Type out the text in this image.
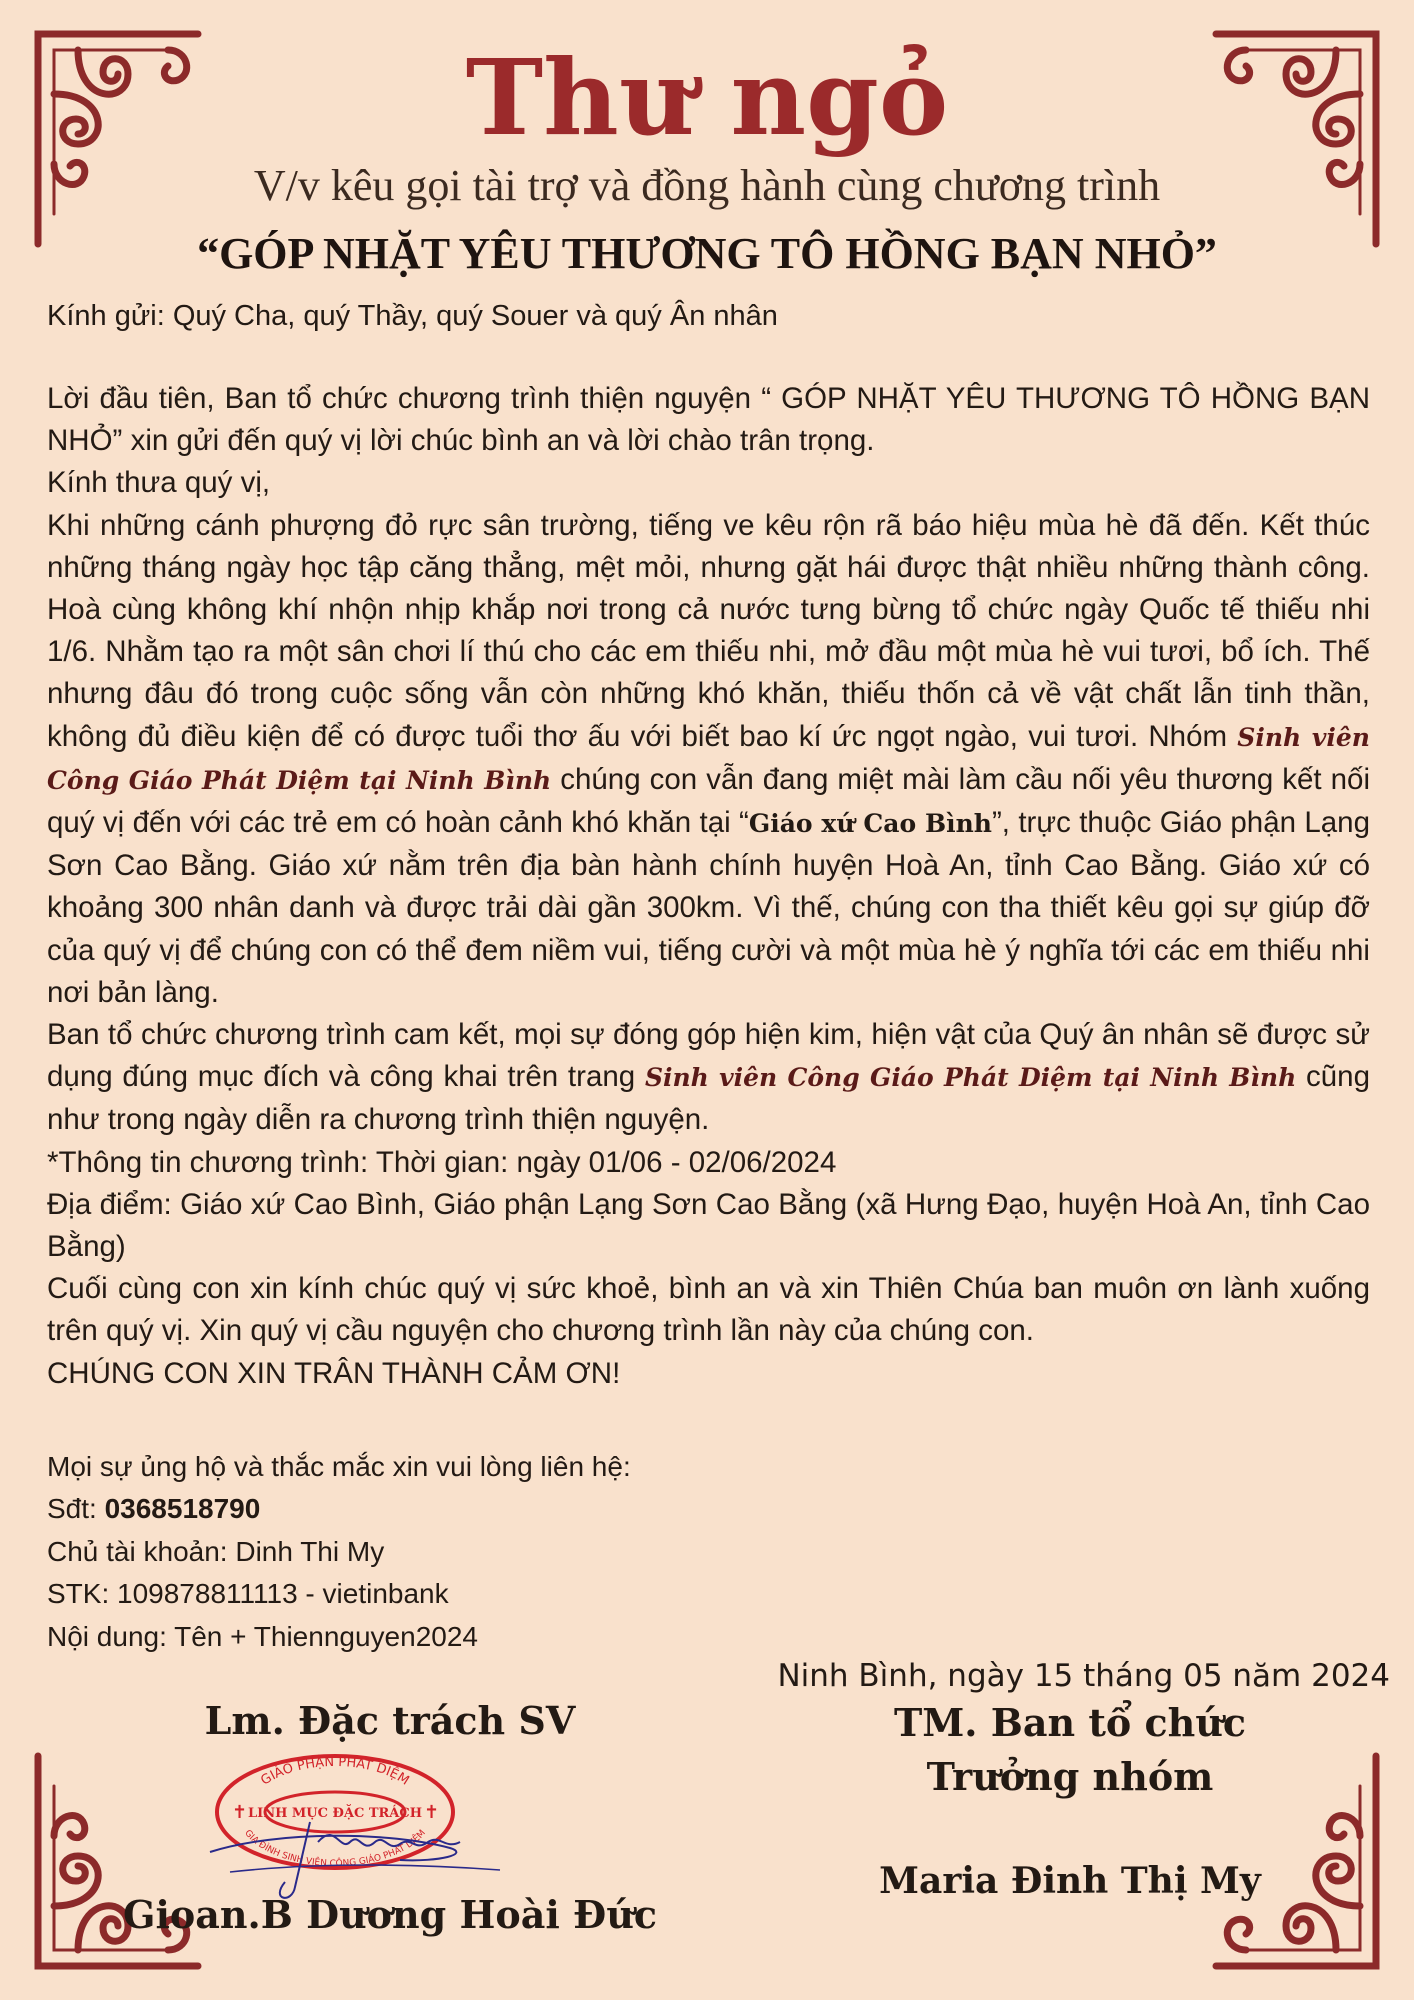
Thư ngỏ
V/v kêu gọi tài trợ và đồng hành cùng chương trình
“GÓP NHẶT YÊU THƯƠNG TÔ HỒNG BẠN NHỎ”
Kính gửi: Quý Cha, quý Thầy, quý Souer và quý Ân nhân

Lời đầu tiên, Ban tổ chức chương trình thiện nguyện “ GÓP NHẶT YÊU THƯƠNG TÔ HỒNG BẠN NHỎ” xin gửi đến quý vị lời chúc bình an và lời chào trân trọng.

Kính thưa quý vị,

Khi những cánh phượng đỏ rực sân trường, tiếng ve kêu rộn rã báo hiệu mùa hè đã đến. Kết thúc những tháng ngày học tập căng thẳng, mệt mỏi, nhưng gặt hái được thật nhiều những thành công. Hoà cùng không khí nhộn nhịp khắp nơi trong cả nước tưng bừng tổ chức ngày Quốc tế thiếu nhi 1/6. Nhằm tạo ra một sân chơi lí thú cho các em thiếu nhi, mở đầu một mùa hè vui tươi, bổ ích. Thế nhưng đâu đó trong cuộc sống vẫn còn những khó khăn, thiếu thốn cả về vật chất lẫn tinh thần, không đủ điều kiện để có được tuổi thơ ấu với biết bao kí ức ngọt ngào, vui tươi. Nhóm Sinh viên Công Giáo Phát Diệm tại Ninh Bình chúng con vẫn đang miệt mài làm cầu nối yêu thương kết nối quý vị đến với các trẻ em có hoàn cảnh khó khăn tại “Giáo xứ Cao Bình”, trực thuộc Giáo phận Lạng Sơn Cao Bằng. Giáo xứ nằm trên địa bàn hành chính huyện Hoà An, tỉnh Cao Bằng. Giáo xứ có khoảng 300 nhân danh và được trải dài gần 300km. Vì thế, chúng con tha thiết kêu gọi sự giúp đỡ của quý vị để chúng con có thể đem niềm vui, tiếng cười và một mùa hè ý nghĩa tới các em thiếu nhi nơi bản làng.

Ban tổ chức chương trình cam kết, mọi sự đóng góp hiện kim, hiện vật của Quý ân nhân sẽ được sử dụng đúng mục đích và công khai trên trang Sinh viên Công Giáo Phát Diệm tại Ninh Bình cũng như trong ngày diễn ra chương trình thiện nguyện.

*Thông tin chương trình: Thời gian: ngày 01/06 - 02/06/2024

Địa điểm: Giáo xứ Cao Bình, Giáo phận Lạng Sơn Cao Bằng (xã Hưng Đạo, huyện Hoà An, tỉnh Cao Bằng)

Cuối cùng con xin kính chúc quý vị sức khoẻ, bình an và xin Thiên Chúa ban muôn ơn lành xuống trên quý vị. Xin quý vị cầu nguyện cho chương trình lần này của chúng con.

CHÚNG CON XIN TRÂN THÀNH CẢM ƠN!

Mọi sự ủng hộ và thắc mắc xin vui lòng liên hệ:

Sđt: 0368518790

Chủ tài khoản: Dinh Thi My

STK: 109878811113 - vietinbank

Nội dung: Tên + Thiennguyen2024

Ninh Bình, ngày 15 tháng 05 năm 2024
Lm. Đặc trách SV
GIÁO PHẬN PHÁT DIỆM
LINH MỤC ĐẶC TRÁCH
GIA ĐÌNH SINH VIÊN CÔNG GIÁO PHÁT DIỆM
✝	✝
Gioan.B Dương Hoài Đức
TM. Ban tổ chức
Trưởng nhóm
Maria Đinh Thị My
